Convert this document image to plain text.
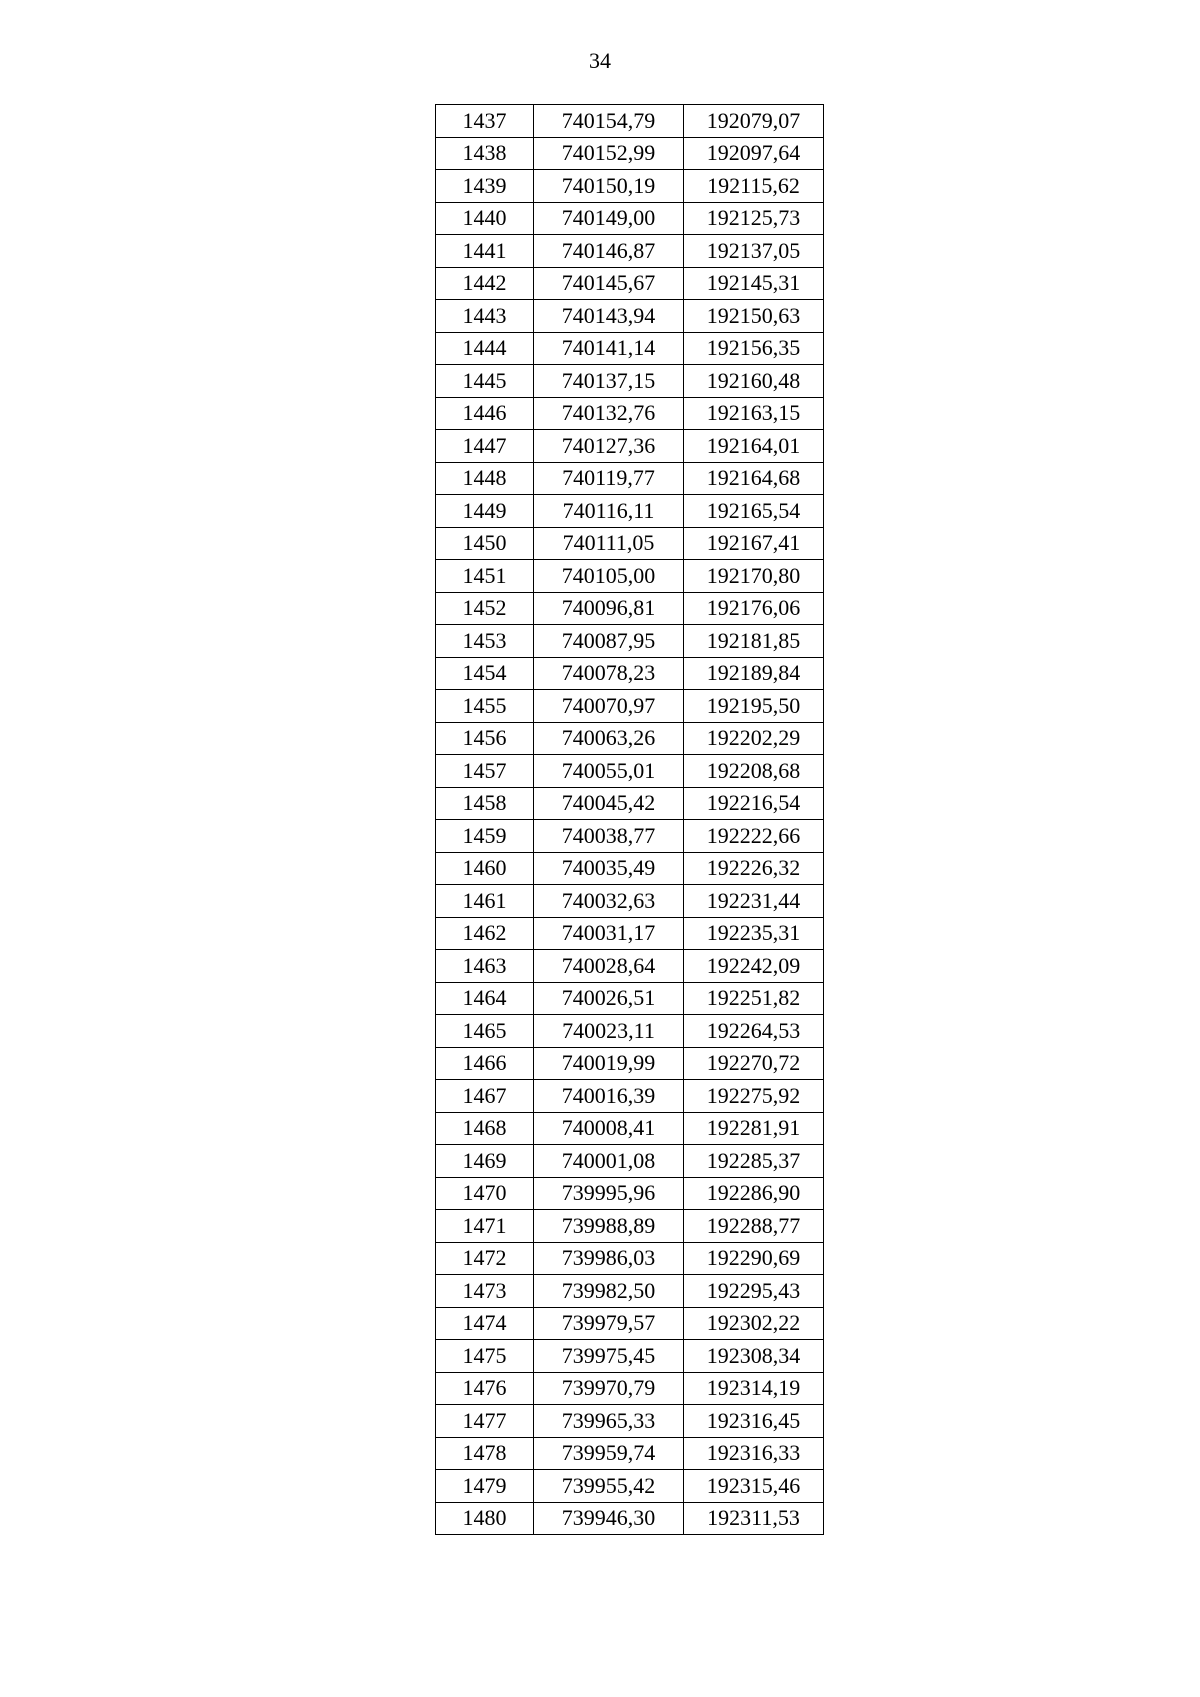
34
1437	740154,79	192079,07
1438	740152,99	192097,64
1439	740150,19	192115,62
1440	740149,00	192125,73
1441	740146,87	192137,05
1442	740145,67	192145,31
1443	740143,94	192150,63
1444	740141,14	192156,35
1445	740137,15	192160,48
1446	740132,76	192163,15
1447	740127,36	192164,01
1448	740119,77	192164,68
1449	740116,11	192165,54
1450	740111,05	192167,41
1451	740105,00	192170,80
1452	740096,81	192176,06
1453	740087,95	192181,85
1454	740078,23	192189,84
1455	740070,97	192195,50
1456	740063,26	192202,29
1457	740055,01	192208,68
1458	740045,42	192216,54
1459	740038,77	192222,66
1460	740035,49	192226,32
1461	740032,63	192231,44
1462	740031,17	192235,31
1463	740028,64	192242,09
1464	740026,51	192251,82
1465	740023,11	192264,53
1466	740019,99	192270,72
1467	740016,39	192275,92
1468	740008,41	192281,91
1469	740001,08	192285,37
1470	739995,96	192286,90
1471	739988,89	192288,77
1472	739986,03	192290,69
1473	739982,50	192295,43
1474	739979,57	192302,22
1475	739975,45	192308,34
1476	739970,79	192314,19
1477	739965,33	192316,45
1478	739959,74	192316,33
1479	739955,42	192315,46
1480	739946,30	192311,53
